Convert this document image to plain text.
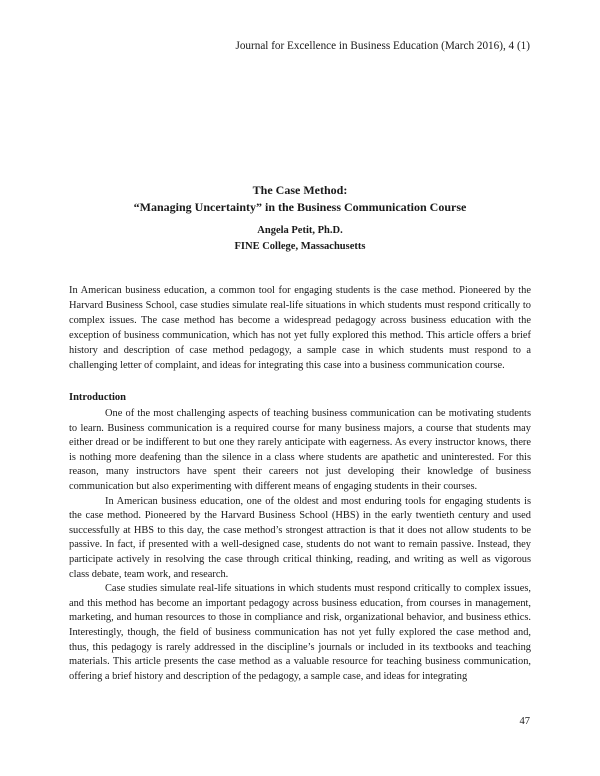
Journal for Excellence in Business Education (March 2016), 4 (1)
The Case Method:
“Managing Uncertainty” in the Business Communication Course
Angela Petit, Ph.D.
FINE College, Massachusetts

In American business education, a common tool for engaging students is the case method. Pioneered by the Harvard Business School, case studies simulate real-life situations in which students must respond critically to complex issues. The case method has become a widespread pedagogy across business education with the exception of business communication, which has not yet fully explored this method. This article offers a brief history and description of case method pedagogy, a sample case in which students must respond to a challenging letter of complaint, and ideas for integrating this case into a business communication course.

Introduction

One of the most challenging aspects of teaching business communication can be motivating students to learn. Business communication is a required course for many business majors, a course that students may either dread or be indifferent to but one they rarely anticipate with eagerness. As every instructor knows, there is nothing more deafening than the silence in a class where students are apathetic and uninterested. For this reason, many instructors have spent their careers not just developing their knowledge of business communication but also experimenting with different means of engaging students in their courses.

In American business education, one of the oldest and most enduring tools for engaging students is the case method. Pioneered by the Harvard Business School (HBS) in the early twentieth century and used successfully at HBS to this day, the case method’s strongest attraction is that it does not allow students to be passive. In fact, if presented with a well-designed case, students do not want to remain passive. Instead, they participate actively in resolving the case through critical thinking, reading, and writing as well as vigorous class debate, team work, and research.

Case studies simulate real-life situations in which students must respond critically to complex issues, and this method has become an important pedagogy across business education, from courses in management, marketing, and human resources to those in compliance and risk, organizational behavior, and business ethics. Interestingly, though, the field of business communication has not yet fully explored the case method and, thus, this pedagogy is rarely addressed in the discipline’s journals or included in its textbooks and teaching materials. This article presents the case method as a valuable resource for teaching business communication, offering a brief history and description of the pedagogy, a sample case, and ideas for integrating

47
